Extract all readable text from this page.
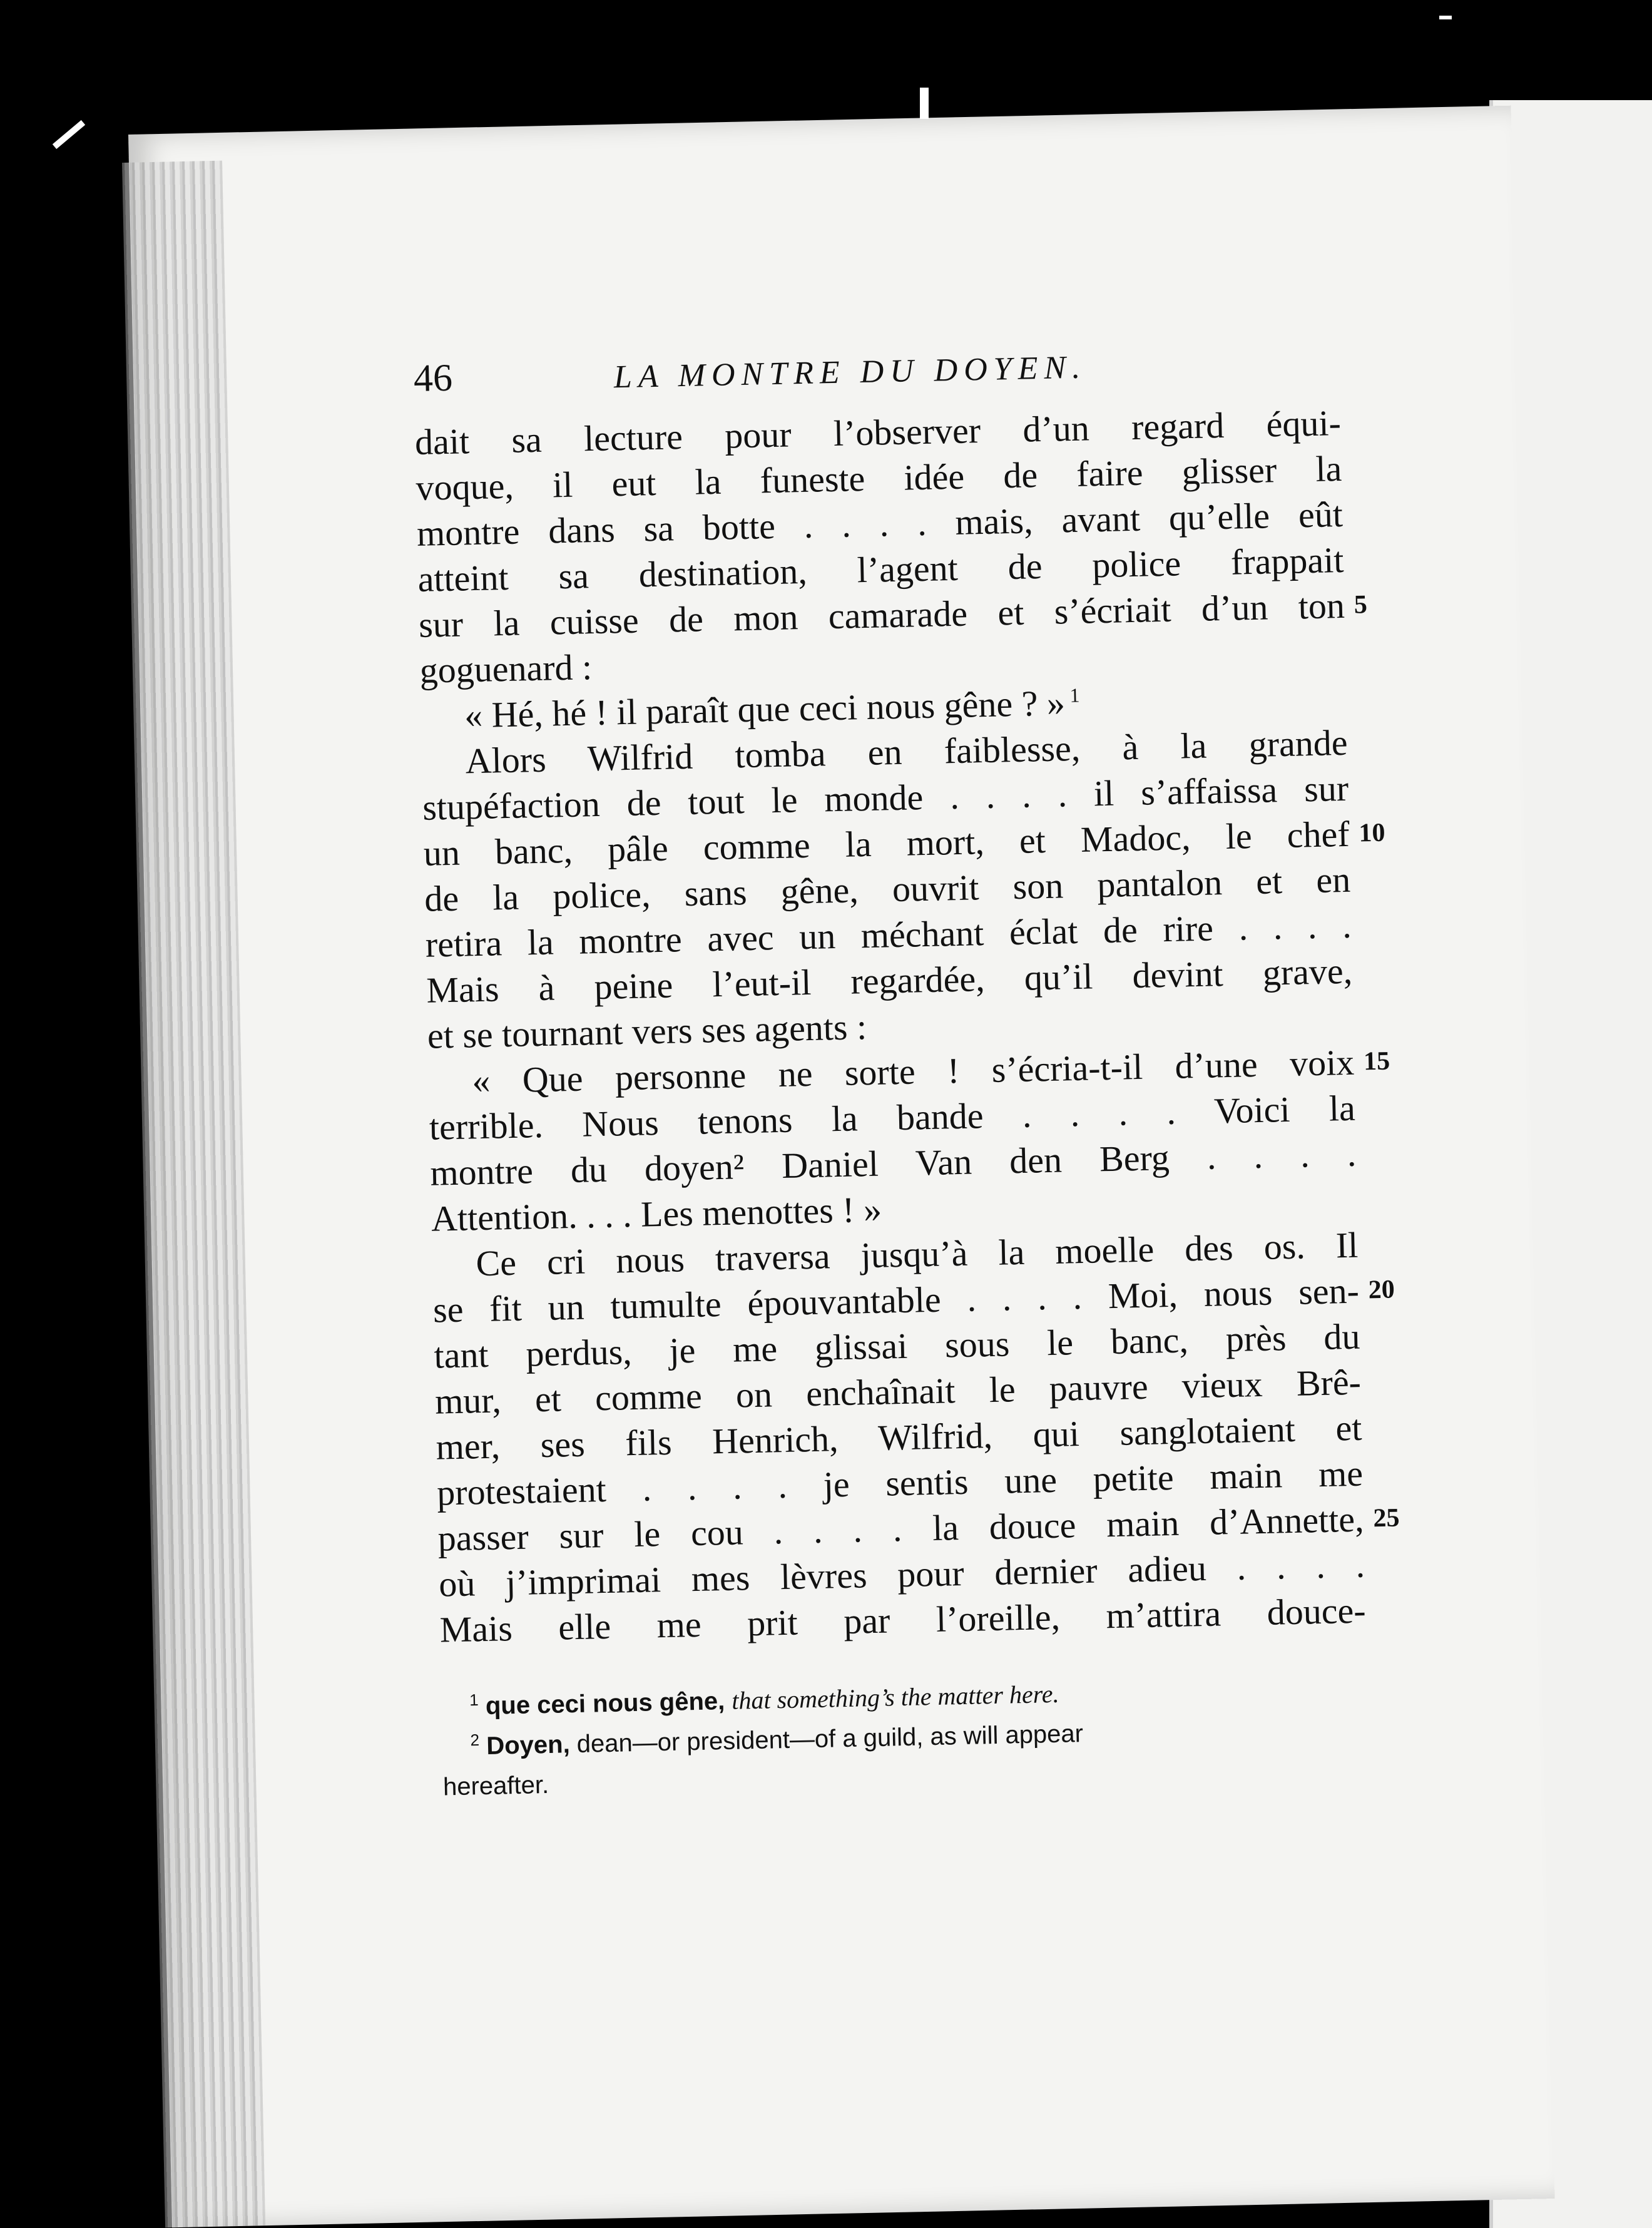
46	LA MONTRE DU DOYEN.
dait sa lecture pour l’observer d’un regard équi-
voque, il eut la funeste idée de faire glisser la
montre dans sa botte . . . . mais, avant qu’elle eût
atteint sa destination, l’agent de police frappait
sur la cuisse de mon camarade et s’écriait d’un ton 5
goguenard :
« Hé, hé ! il paraît que ceci nous gêne ? » $^1$
Alors Wilfrid tomba en faiblesse, à la grande
stupéfaction de tout le monde . . . . il s’affaissa sur
un banc, pâle comme la mort, et Madoc, le chef 10
de la police, sans gêne, ouvrit son pantalon et en
retira la montre avec un méchant éclat de rire . . . .
Mais à peine l’eut-il regardée, qu’il devint grave,
et se tournant vers ses agents :
« Que personne ne sorte ! s’écria-t-il d’une voix 15
terrible. Nous tenons la bande . . . . Voici la
montre du doyen² Daniel Van den Berg . . . .
Attention. . . . Les menottes ! »
Ce cri nous traversa jusqu’à la moelle des os. Il
se fit un tumulte épouvantable . . . . Moi, nous sen- 20
tant perdus, je me glissai sous le banc, près du
mur, et comme on enchaînait le pauvre vieux Brê-
mer, ses fils Henrich, Wilfrid, qui sanglotaient et
protestaient . . . . je sentis une petite main me
passer sur le cou . . . . la douce main d’Annette, 25
où j’imprimai mes lèvres pour dernier adieu . . . .
Mais elle me prit par l’oreille, m’attira douce-
$^1$ que ceci nous gêne, that something’s the matter here.
$^2$ Doyen, dean—or president—of a guild, as will appear
hereafter.
